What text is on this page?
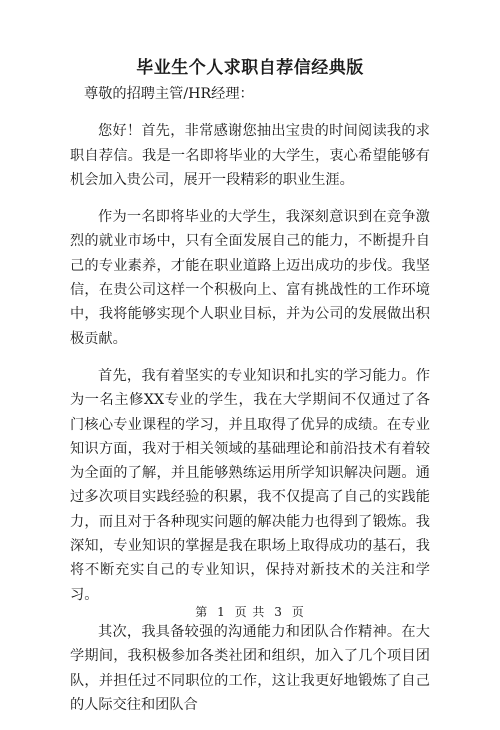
毕业生个人求职自荐信经典版

尊敬的招聘主管/HR经理：

您好！首先，非常感谢您抽出宝贵的时间阅读我的求职自荐信。我是一名即将毕业的大学生，衷心希望能够有机会加入贵公司，展开一段精彩的职业生涯。

作为一名即将毕业的大学生，我深刻意识到在竞争激烈的就业市场中，只有全面发展自己的能力，不断提升自己的专业素养，才能在职业道路上迈出成功的步伐。我坚信，在贵公司这样一个积极向上、富有挑战性的工作环境中，我将能够实现个人职业目标，并为公司的发展做出积极贡献。

首先，我有着坚实的专业知识和扎实的学习能力。作为一名主修XX专业的学生，我在大学期间不仅通过了各门核心专业课程的学习，并且取得了优异的成绩。在专业知识方面，我对于相关领域的基础理论和前沿技术有着较为全面的了解，并且能够熟练运用所学知识解决问题。通过多次项目实践经验的积累，我不仅提高了自己的实践能力，而且对于各种现实问题的解决能力也得到了锻炼。我深知，专业知识的掌握是我在职场上取得成功的基石，我将不断充实自己的专业知识，保持对新技术的关注和学习。

其次，我具备较强的沟通能力和团队合作精神。在大学期间，我积极参加各类社团和组织，加入了几个项目团队，并担任过不同职位的工作，这让我更好地锻炼了自己的人际交往和团队合

第 1 页 共 3 页
